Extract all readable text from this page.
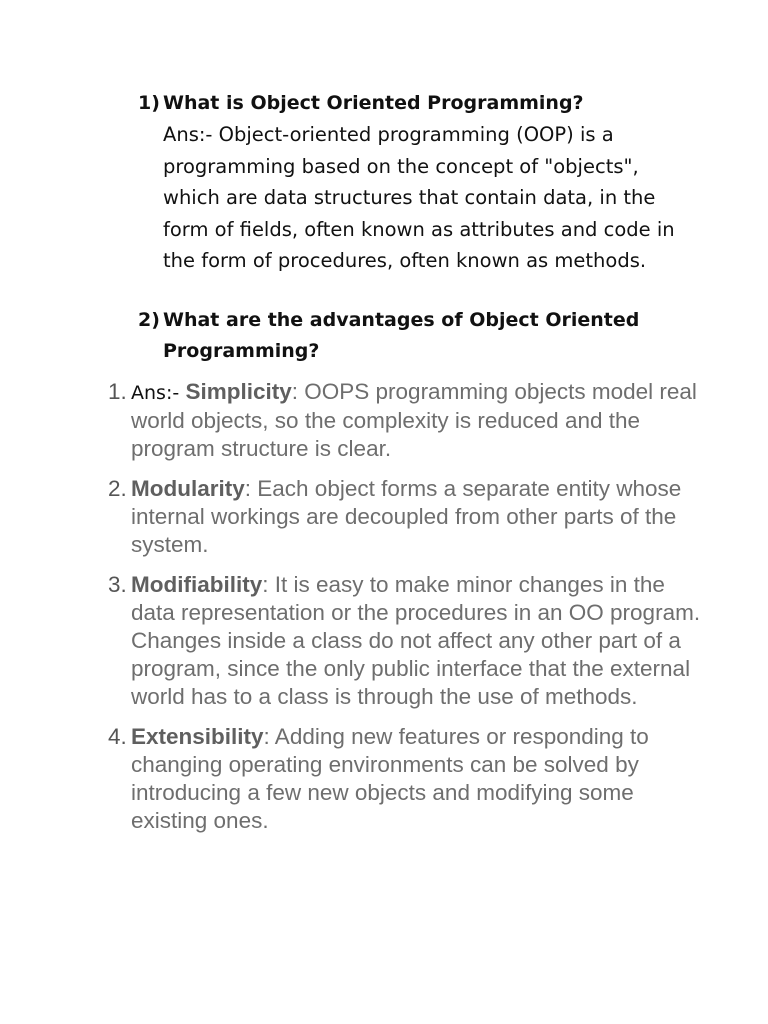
1) What is Object Oriented Programming?
Ans:- Object-oriented programming (OOP) is a programming based on the concept of "objects", which are data structures that contain data, in the form of fields, often known as attributes and code in the form of procedures, often known as methods.
2) What are the advantages of Object Oriented Programming?
1. Ans:- Simplicity: OOPS programming objects model real world objects, so the complexity is reduced and the program structure is clear.
2. Modularity: Each object forms a separate entity whose internal workings are decoupled from other parts of the system.
3. Modifiability: It is easy to make minor changes in the data representation or the procedures in an OO program. Changes inside a class do not affect any other part of a program, since the only public interface that the external world has to a class is through the use of methods.
4. Extensibility: Adding new features or responding to changing operating environments can be solved by introducing a few new objects and modifying some existing ones.
